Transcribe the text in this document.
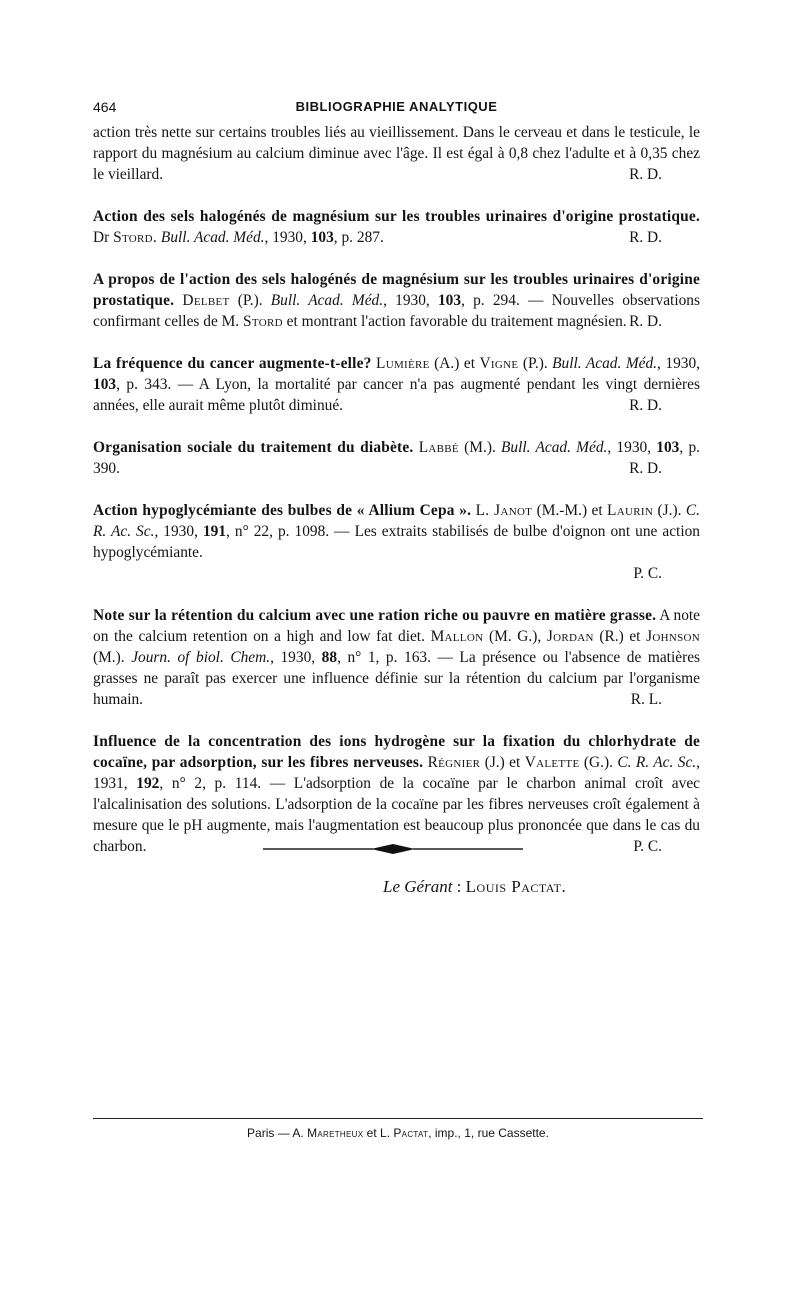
464	BIBLIOGRAPHIE ANALYTIQUE

action très nette sur certains troubles liés au vieillissement. Dans le cerveau et dans le testicule, le rapport du magnésium au calcium diminue avec l'âge. Il est égal à 0,8 chez l'adulte et à 0,35 chez le vieillard.	R. D.

Action des sels halogénés de magnésium sur les troubles urinaires d'origine prostatique. Dr Stord. Bull. Acad. Méd., 1930, 103, p. 287.	R. D.

A propos de l'action des sels halogénés de magnésium sur les troubles urinaires d'origine prostatique. Delbet (P.). Bull. Acad. Méd., 1930, 103, p. 294. — Nouvelles observations confirmant celles de M. Stord et montrant l'action favorable du traitement magnésien. R. D.

La fréquence du cancer augmente-t-elle? Lumière (A.) et Vigne (P.). Bull. Acad. Méd., 1930, 103, p. 343. — A Lyon, la mortalité par cancer n'a pas augmenté pendant les vingt dernières années, elle aurait même plutôt diminué.	R. D.

Organisation sociale du traitement du diabète. Labbé (M.). Bull. Acad. Méd., 1930, 103, p. 390.	R. D.

Action hypoglycémiante des bulbes de « Allium Cepa ». L. Janot (M.-M.) et Laurin (J.). C. R. Ac. Sc., 1930, 191, n° 22, p. 1098. — Les extraits stabilisés de bulbe d'oignon ont une action hypoglycémiante.
P. C.

Note sur la rétention du calcium avec une ration riche ou pauvre en matière grasse. A note on the calcium retention on a high and low fat diet. Mallon (M. G.), Jordan (R.) et Johnson (M.). Journ. of biol. Chem., 1930, 88, n° 1, p. 163. — La présence ou l'absence de matières grasses ne paraît pas exercer une influence définie sur la rétention du calcium par l'organisme humain.	R. L.

Influence de la concentration des ions hydrogène sur la fixation du chlorhydrate de cocaïne, par adsorption, sur les fibres nerveuses. Régnier (J.) et Valette (G.). C. R. Ac. Sc., 1931, 192, n° 2, p. 114. — L'adsorption de la cocaïne par le charbon animal croît avec l'alcalinisation des solutions. L'adsorption de la cocaïne par les fibres nerveuses croît également à mesure que le pH augmente, mais l'augmentation est beaucoup plus prononcée que dans le cas du charbon.	P. C.

Le Gérant : Louis Pactat.
Paris — A. Maretheux et L. Pactat, imp., 1, rue Cassette.
